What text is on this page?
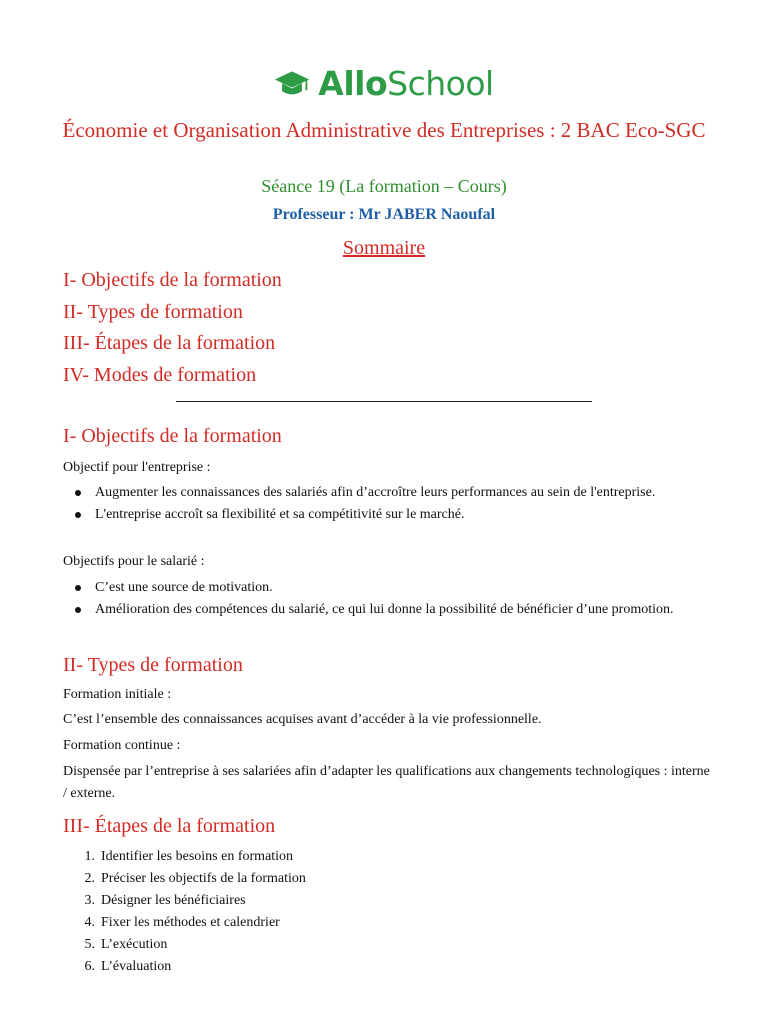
AlloSchool
Économie et Organisation Administrative des Entreprises : 2 BAC Eco-SGC
Séance 19 (La formation – Cours)
Professeur : Mr JABER Naoufal
Sommaire
I- Objectifs de la formation
II- Types de formation
III- Étapes de la formation
IV- Modes de formation
I- Objectifs de la formation

Objectif pour l'entreprise :

Augmenter les connaissances des salariés afin d’accroître leurs performances au sein de l'entreprise.
L'entreprise accroît sa flexibilité et sa compétitivité sur le marché.

Objectifs pour le salarié :

C’est une source de motivation.
Amélioration des compétences du salarié, ce qui lui donne la possibilité de bénéficier d’une promotion.
II- Types de formation

Formation initiale :

C’est l’ensemble des connaissances acquises avant d’accéder à la vie professionnelle.

Formation continue :

Dispensée par l’entreprise à ses salariées afin d’adapter les qualifications aux changements technologiques : interne / externe.

III- Étapes de la formation
1. Identifier les besoins en formation
2. Préciser les objectifs de la formation
3. Désigner les bénéficiaires
4. Fixer les méthodes et calendrier
5. L’exécution
6. L’évaluation
